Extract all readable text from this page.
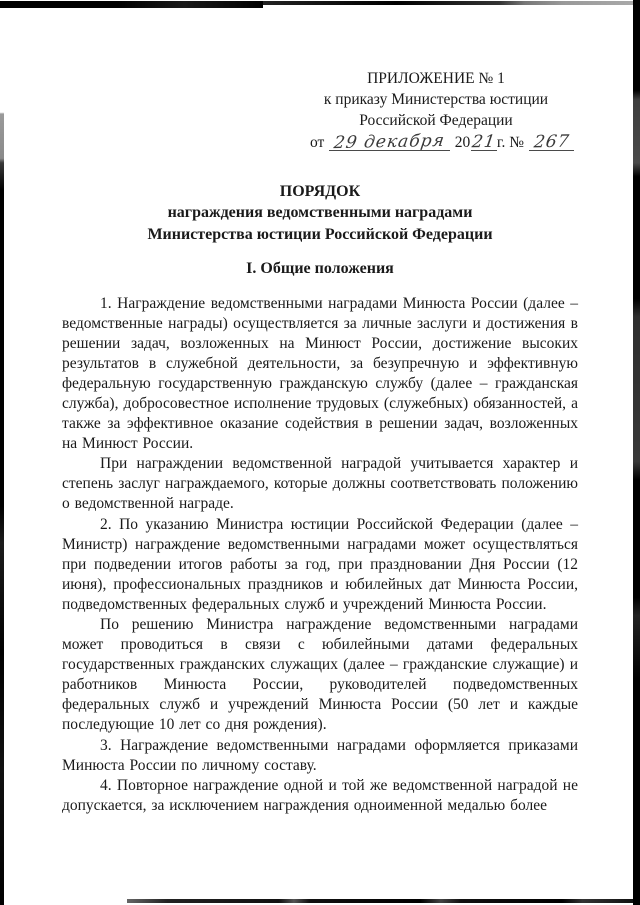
ПРИЛОЖЕНИЕ № 1
к приказу Министерства юстиции
Российской Федерации
от 29 декабря 2021г. № 267
ПОРЯДОК
награждения ведомственными наградами
Министерства юстиции Российской Федерации
I. Общие положения

1. Награждение ведомственными наградами Минюста России (далее – ведомственные награды) осуществляется за личные заслуги и достижения в решении задач, возложенных на Минюст России, достижение высоких результатов в служебной деятельности, за безупречную и эффективную федеральную государственную гражданскую службу (далее – гражданская служба), добросовестное исполнение трудовых (служебных) обязанностей, а также за эффективное оказание содействия в решении задач, возложенных на Минюст России.

При награждении ведомственной наградой учитывается характер и степень заслуг награждаемого, которые должны соответствовать положению о ведомственной награде.

2. По указанию Министра юстиции Российской Федерации (далее – Министр) награждение ведомственными наградами может осуществляться при подведении итогов работы за год, при праздновании Дня России (12 июня), профессиональных праздников и юбилейных дат Минюста России, подведомственных федеральных служб и учреждений Минюста России.

По решению Министра награждение ведомственными наградами может проводиться в связи с юбилейными датами федеральных государственных гражданских служащих (далее – гражданские служащие) и работников Минюста России, руководителей подведомственных федеральных служб и учреждений Минюста России (50 лет и каждые последующие 10 лет со дня рождения).

3. Награждение ведомственными наградами оформляется приказами Минюста России по личному составу.

4. Повторное награждение одной и той же ведомственной наградой не допускается, за исключением награждения одноименной медалью более
